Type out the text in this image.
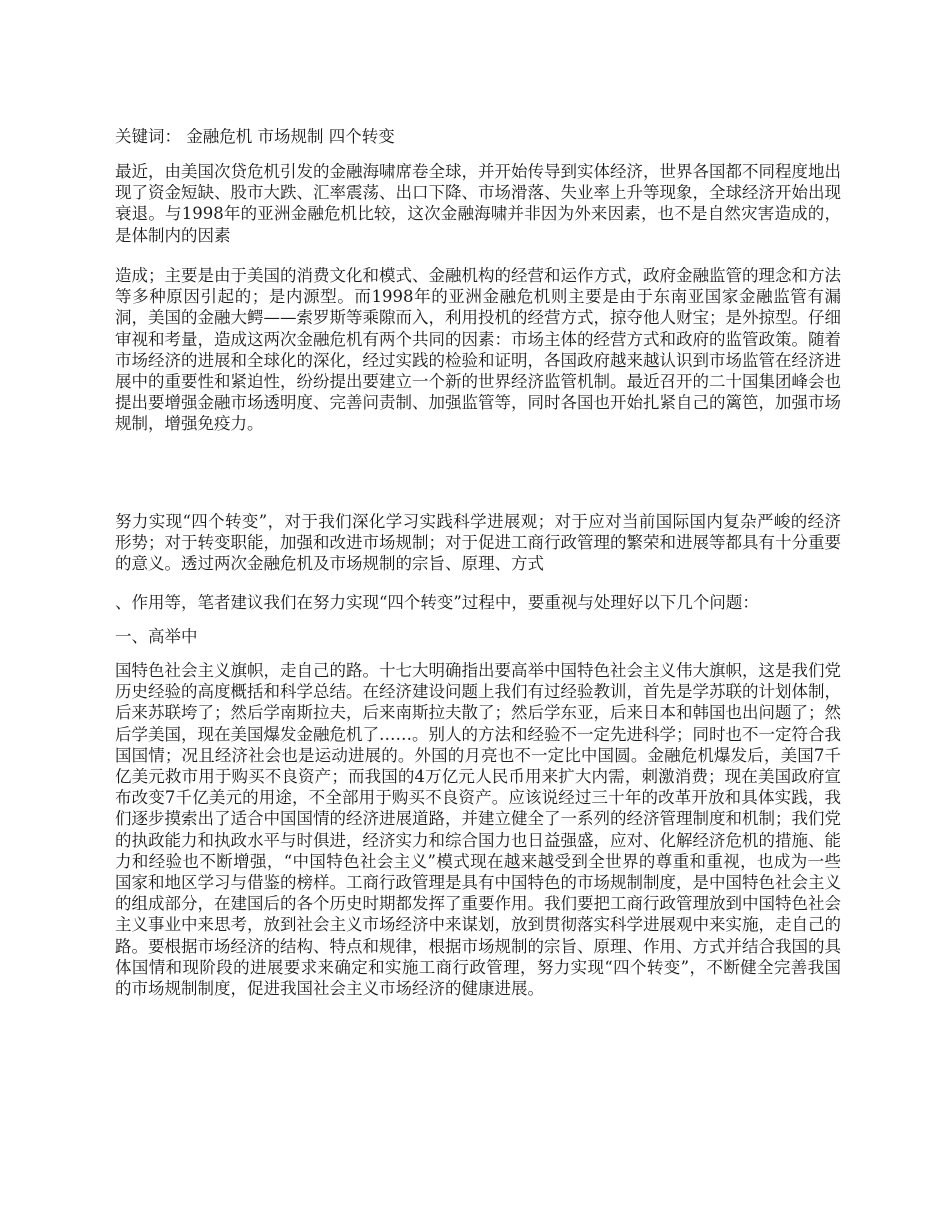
关键词： 金融危机 市场规制 四个转变

最近，由美国次贷危机引发的金融海啸席卷全球，并开始传导到实体经济，世界各国都不同程度地出现了资金短缺、股市大跌、汇率震荡、出口下降、市场滑落、失业率上升等现象，全球经济开始出现衰退。与1998年的亚洲金融危机比较，这次金融海啸并非因为外来因素，也不是自然灾害造成的，是体制内的因素

造成；主要是由于美国的消费文化和模式、金融机构的经营和运作方式，政府金融监管的理念和方法等多种原因引起的；是内源型。而1998年的亚洲金融危机则主要是由于东南亚国家金融监管有漏洞，美国的金融大鳄——索罗斯等乘隙而入，利用投机的经营方式，掠夺他人财宝；是外掠型。仔细审视和考量，造成这两次金融危机有两个共同的因素：市场主体的经营方式和政府的监管政策。随着市场经济的进展和全球化的深化，经过实践的检验和证明，各国政府越来越认识到市场监管在经济进展中的重要性和紧迫性，纷纷提出要建立一个新的世界经济监管机制。最近召开的二十国集团峰会也提出要增强金融市场透明度、完善问责制、加强监管等，同时各国也开始扎紧自己的篱笆，加强市场规制，增强免疫力。

努力实现“四个转变”，对于我们深化学习实践科学进展观；对于应对当前国际国内复杂严峻的经济形势；对于转变职能，加强和改进市场规制；对于促进工商行政管理的繁荣和进展等都具有十分重要的意义。透过两次金融危机及市场规制的宗旨、原理、方式

、作用等，笔者建议我们在努力实现“四个转变”过程中，要重视与处理好以下几个问题：

一、高举中

国特色社会主义旗帜，走自己的路。十七大明确指出要高举中国特色社会主义伟大旗帜，这是我们党历史经验的高度概括和科学总结。在经济建设问题上我们有过经验教训，首先是学苏联的计划体制，后来苏联垮了；然后学南斯拉夫，后来南斯拉夫散了；然后学东亚，后来日本和韩国也出问题了；然后学美国，现在美国爆发金融危机了……。别人的方法和经验不一定先进科学；同时也不一定符合我国国情；况且经济社会也是运动进展的。外国的月亮也不一定比中国圆。金融危机爆发后，美国7千亿美元救市用于购买不良资产；而我国的4万亿元人民币用来扩大内需，刺激消费；现在美国政府宣布改变7千亿美元的用途，不全部用于购买不良资产。应该说经过三十年的改革开放和具体实践，我们逐步摸索出了适合中国国情的经济进展道路，并建立健全了一系列的经济管理制度和机制；我们党的执政能力和执政水平与时俱进，经济实力和综合国力也日益强盛，应对、化解经济危机的措施、能力和经验也不断增强，“中国特色社会主义”模式现在越来越受到全世界的尊重和重视，也成为一些国家和地区学习与借鉴的榜样。工商行政管理是具有中国特色的市场规制制度，是中国特色社会主义的组成部分，在建国后的各个历史时期都发挥了重要作用。我们要把工商行政管理放到中国特色社会主义事业中来思考，放到社会主义市场经济中来谋划，放到贯彻落实科学进展观中来实施，走自己的路。要根据市场经济的结构、特点和规律，根据市场规制的宗旨、原理、作用、方式并结合我国的具体国情和现阶段的进展要求来确定和实施工商行政管理，努力实现“四个转变”，不断健全完善我国的市场规制制度，促进我国社会主义市场经济的健康进展。
